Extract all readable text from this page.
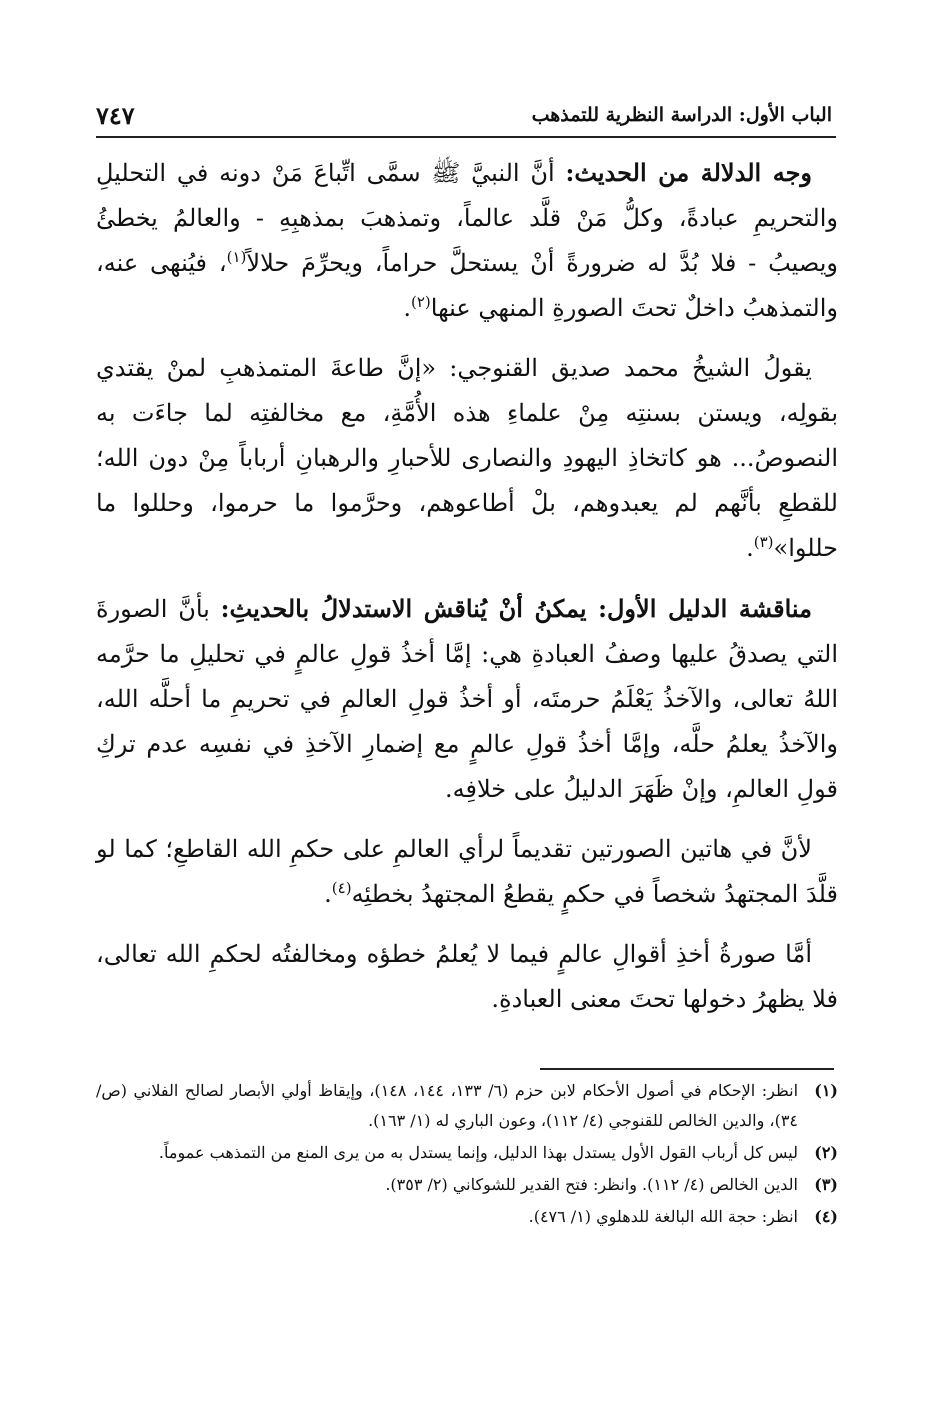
الباب الأول: الدراسة النظرية للتمذهب
٧٤٧

وجه الدلالة من الحديث: أنَّ النبيَّ ﷺ سمَّى اتِّباعَ مَنْ دونه في التحليلِ والتحريمِ عبادةً، وكلُّ مَنْ قلَّد عالماً، وتمذهبَ بمذهبِهِ - والعالمُ يخطئُ ويصيبُ - فلا بُدَّ له ضرورةً أنْ يستحلَّ حراماً، ويحرِّمَ حلالاً$^{(١)}$، فيُنهى عنه، والتمذهبُ داخلٌ تحتَ الصورةِ المنهي عنها$^{(٢)}$.

يقولُ الشيخُ محمد صديق القنوجي: «إنَّ طاعةَ المتمذهبِ لمنْ يقتدي بقولِه، ويستن بسنتِه مِنْ علماءِ هذه الأُمَّةِ، مع مخالفتِه لما جاءَت به النصوصُ... هو كاتخاذِ اليهودِ والنصارى للأحبارِ والرهبانِ أرباباً مِنْ دون الله؛ للقطعِ بأنَّهم لم يعبدوهم، بلْ أطاعوهم، وحرَّموا ما حرموا، وحللوا ما حللوا»$^{(٣)}$.

مناقشة الدليل الأول: يمكنُ أنْ يُناقش الاستدلالُ بالحديثِ: بأنَّ الصورةَ التي يصدقُ عليها وصفُ العبادةِ هي: إمَّا أخذُ قولِ عالمٍ في تحليلِ ما حرَّمه اللهُ تعالى، والآخذُ يَعْلَمُ حرمتَه، أو أخذُ قولِ العالمِ في تحريمِ ما أحلَّه الله، والآخذُ يعلمُ حلَّه، وإمَّا أخذُ قولِ عالمٍ مع إضمارِ الآخذِ في نفسِه عدم تركِ قولِ العالمِ، وإنْ ظَهَرَ الدليلُ على خلافِه.

لأنَّ في هاتين الصورتين تقديماً لرأي العالمِ على حكمِ الله القاطعِ؛ كما لو قلَّدَ المجتهدُ شخصاً في حكمٍ يقطعُ المجتهدُ بخطئِه$^{(٤)}$.

أمَّا صورةُ أخذِ أقوالِ عالمٍ فيما لا يُعلمُ خطؤه ومخالفتُه لحكمِ الله تعالى، فلا يظهرُ دخولها تحتَ معنى العبادةِ.

(١)
انظر: الإحكام في أصول الأحكام لابن حزم (٦/ ١٣٣، ١٤٤، ١٤٨)، وإيقاظ أولي الأبصار لصالح الفلاني (ص/ ٣٤)، والدين الخالص للقنوجي (٤/ ١١٢)، وعون الباري له (١/ ١٦٣).
(٢)
ليس كل أرباب القول الأول يستدل بهذا الدليل، وإنما يستدل به من يرى المنع من التمذهب عموماً.
(٣)
الدين الخالص (٤/ ١١٢). وانظر: فتح القدير للشوكاني (٢/ ٣٥٣).
(٤)
انظر: حجة الله البالغة للدهلوي (١/ ٤٧٦).
